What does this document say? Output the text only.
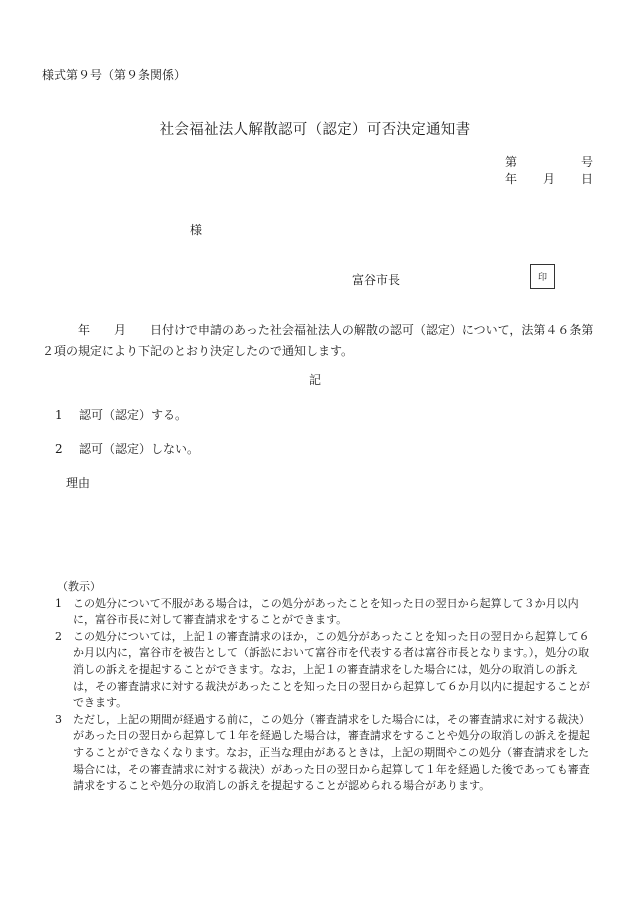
様式第９号（第９条関係）
社会福祉法人解散認可（認定）可否決定通知書
第	号
年 月 日
様
富谷市長	印
年 月 日付けで申請のあった社会福祉法人の解散の認可（認定）について，法第４６条第２項の規定により下記のとおり決定したので通知します。
記
1 認可（認定）する。
2 認可（認定）しない。
理由
（教示）
1	この処分について不服がある場合は，この処分があったことを知った日の翌日から起算して３か月以内に，富谷市長に対して審査請求をすることができます。
2	この処分については，上記１の審査請求のほか，この処分があったことを知った日の翌日から起算して６か月以内に，富谷市を被告として（訴訟において富谷市を代表する者は富谷市長となります。），処分の取消しの訴えを提起することができます。なお，上記１の審査請求をした場合には，処分の取消しの訴えは，その審査請求に対する裁決があったことを知った日の翌日から起算して６か月以内に提起することができます。
3	ただし，上記の期間が経過する前に，この処分（審査請求をした場合には，その審査請求に対する裁決）があった日の翌日から起算して１年を経過した場合は，審査請求をすることや処分の取消しの訴えを提起することができなくなります。なお，正当な理由があるときは，上記の期間やこの処分（審査請求をした場合には，その審査請求に対する裁決）があった日の翌日から起算して１年を経過した後であっても審査請求をすることや処分の取消しの訴えを提起することが認められる場合があります。
